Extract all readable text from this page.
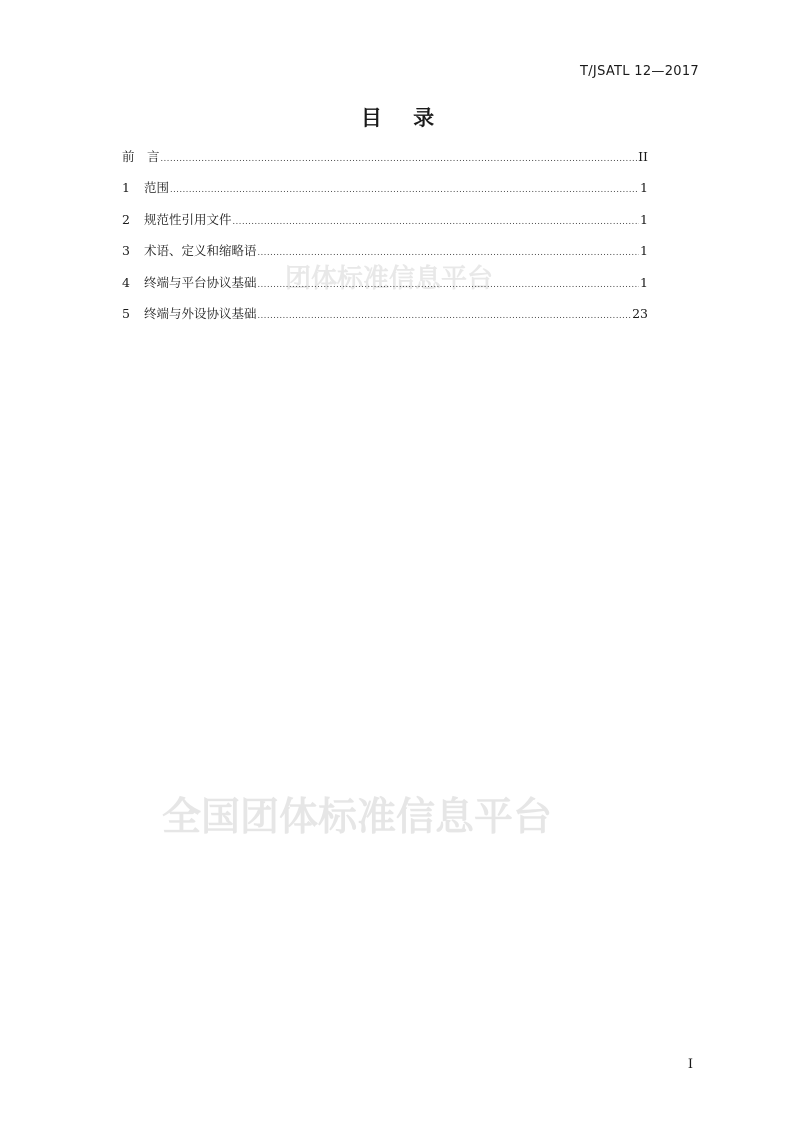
T/JSATL 12—2017
目 录
团体标准信息平台
前　言 .....	II
1	范围 .....	1
2	规范性引用文件 .....	1
3	术语、定义和缩略语 .....	1
4	终端与平台协议基础 .....	1
5	终端与外设协议基础 .....	23
全国团体标准信息平台
I
